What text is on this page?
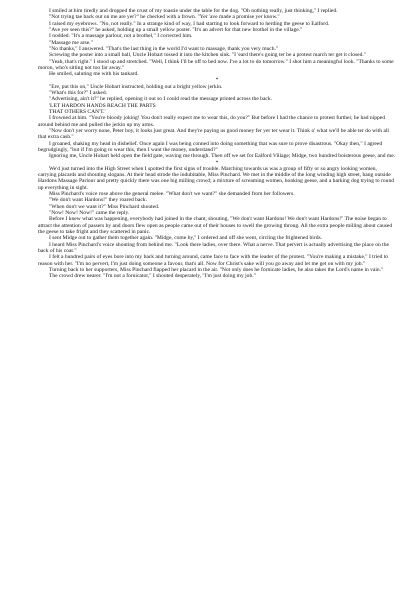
I smiled at him tiredly and dropped the crust of my toastie under the table for the dog. "Oh nothing really, just thinking," I replied.

"Not trying tae back out on me are yer?" he checked with a frown. "Yer 'ave made a promise yer know."

I raised my eyebrows. "No, not really." In a strange kind of way, I had starting to look forward to herding the geese to Ealford.

"Ave yer seen this?" he asked, holding up a small yellow poster. "It's an advert for that new brothel in the village."

I nodded. "It's a massage parlour, not a brothel," I corrected him.

"Massage me arse."

"No thanks," I answered. "That's the last thing in the world I'd want to massage, thank you very much."

Screwing the poster into a small ball, Uncle Hobart tossed it into the kitchen sink. "I 'eard there's going ter be a protest march ter get it closed."

"Yeah, that's right." I stood up and stretched. "Well, I think I'll be off to bed now. I've a lot to do tomorrow." I shot him a meaningful look. "Thanks to some moron, who's sitting not too far away."

He smiled, saluting me with his tankard.

*

"Ere, put this on," Uncle Hobart instructed, holding out a bright yellow jerkin.

"What's this for?" I asked.

"Advertising, ain't it?" he replied, opening it out so I could read the message printed across the back.

'LET HARDON HANDS REACH THE PARTS

THAT OTHERS CAN'T.'

I frowned at him. "You're bloody joking! You don't really expect me to wear this, do you?" But before I had the chance to protest further, he had nipped around behind me and pulled the jerkin up my arms.

"Now don't yer worry none, Peter boy, it looks just great. And they're paying us good money fer yer ter wear it. Think o' what we'll be able ter do with all that extra cash."

I groaned, shaking my head in disbelief. Once again I was being conned into doing something that was sure to prove disastrous. "Okay then," I agreed begrudgingly, "but if I'm going to wear this, then I want the money, understand?"

Ignoring me, Uncle Hobart held open the field gate, waving me through. Then off we set for Ealford Village; Midge, two hundred boisterous geese, and me.

*

We'd just turned into the High Street when I spotted the first signs of trouble. Marching towards us was a group of fifty or so angry looking women, carrying placards and shouting slogans. At their head strode the indubitable, Miss Pinchard. We met in the middle of the long winding high street, bang outside Hardons Massage Parlour and pretty quickly there was one big milling crowd; a mixture of screaming women, honking geese, and a barking dog trying to round up everything in sight.

Miss Pinchard's voice rose above the general melee. "What don't we want?" she demanded from her followers.

"We don't want Hardons!" they roared back.

"When don't we want it?" Miss Pinchard shouted.

"Now! Now! Now!" came the reply.

Before I knew what was happening, everybody had joined in the chant, shouting, "We don't want Hardons! We don't want Hardons!" The noise began to attract the attention of passers by and doors flew open as people came out of their houses to swell the growing throng. All the extra people milling about caused the geese to take fright and they scattered in panic.

I sent Midge out to gather them together again. "Midge, come by," I ordered and off she went, circling the frightened birds.

I heard Miss Pinchard's voice shouting from behind me. "Look there ladies, over there. What a nerve. That pervert is actually advertising the place on the back of his coat."

I felt a hundred pairs of eyes bore into my back and turning around, came face to face with the leader of the protest. "You're making a mistake," I tried to reason with her. "I'm no pervert, I'm just doing someone a favour, that's all. Now for Christ's sake will you go away and let me get on with my job."

Turning back to her supporters, Miss Pinchard flapped her placard in the air. "Not only does he fornicate ladies, he also takes the Lord's name in vain."

The crowd drew nearer. "I'm not a fornicator," I shouted desperately, "I'm just doing my job."
